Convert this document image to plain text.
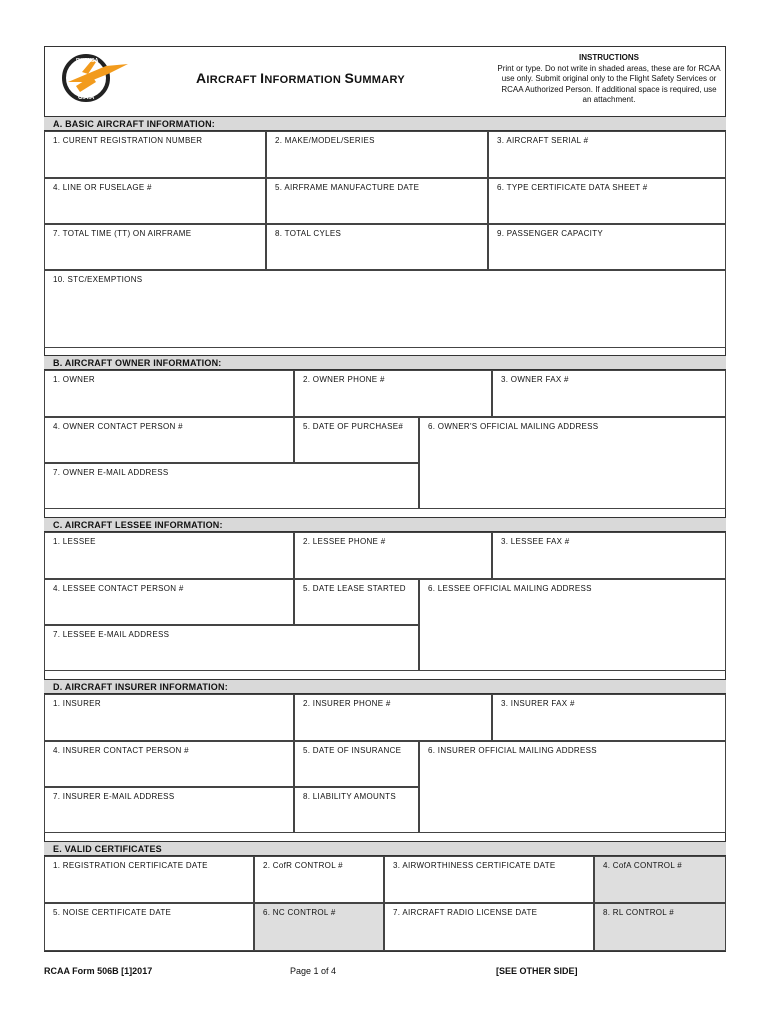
RWANDA
C.A.A
AIRCRAFT INFORMATION SUMMARY
INSTRUCTIONS
Print or type. Do not write in shaded areas, these are for RCAA use only. Submit original only to the Flight Safety Services or RCAA Authorized Person. If additional space is required, use an attachment.
A. BASIC AIRCRAFT INFORMATION:
1. CURENT REGISTRATION NUMBER	2. MAKE/MODEL/SERIES	3. AIRCRAFT SERIAL #
4. LINE OR FUSELAGE #	5. AIRFRAME MANUFACTURE DATE	6. TYPE CERTIFICATE DATA SHEET #
7. TOTAL TIME (TT) ON AIRFRAME	8. TOTAL CYLES	9. PASSENGER CAPACITY
10. STC/EXEMPTIONS
B. AIRCRAFT OWNER INFORMATION:
1. OWNER	2. OWNER PHONE #	3. OWNER FAX #
4. OWNER CONTACT PERSON #	5. DATE OF PURCHASE#	6. OWNER'S OFFICIAL MAILING ADDRESS
7. OWNER E-MAIL ADDRESS
C. AIRCRAFT LESSEE INFORMATION:
1. LESSEE	2. LESSEE PHONE #	3. LESSEE FAX #
4. LESSEE CONTACT PERSON #	5. DATE LEASE STARTED	6. LESSEE OFFICIAL MAILING ADDRESS
7. LESSEE E-MAIL ADDRESS
D. AIRCRAFT INSURER INFORMATION:
1. INSURER	2. INSURER PHONE #	3. INSURER FAX #
4. INSURER CONTACT PERSON #	5. DATE OF INSURANCE	6. INSURER OFFICIAL MAILING ADDRESS
7. INSURER E-MAIL ADDRESS	8. LIABILITY AMOUNTS
E. VALID CERTIFICATES
1. REGISTRATION CERTIFICATE DATE	2. CofR CONTROL #	3. AIRWORTHINESS CERTIFICATE DATE	4. CofA CONTROL #
5. NOISE CERTIFICATE DATE	6. NC CONTROL #	7. AIRCRAFT RADIO LICENSE DATE	8. RL CONTROL #
RCAA Form 506B [1]2017	Page 1 of 4	[SEE OTHER SIDE]
